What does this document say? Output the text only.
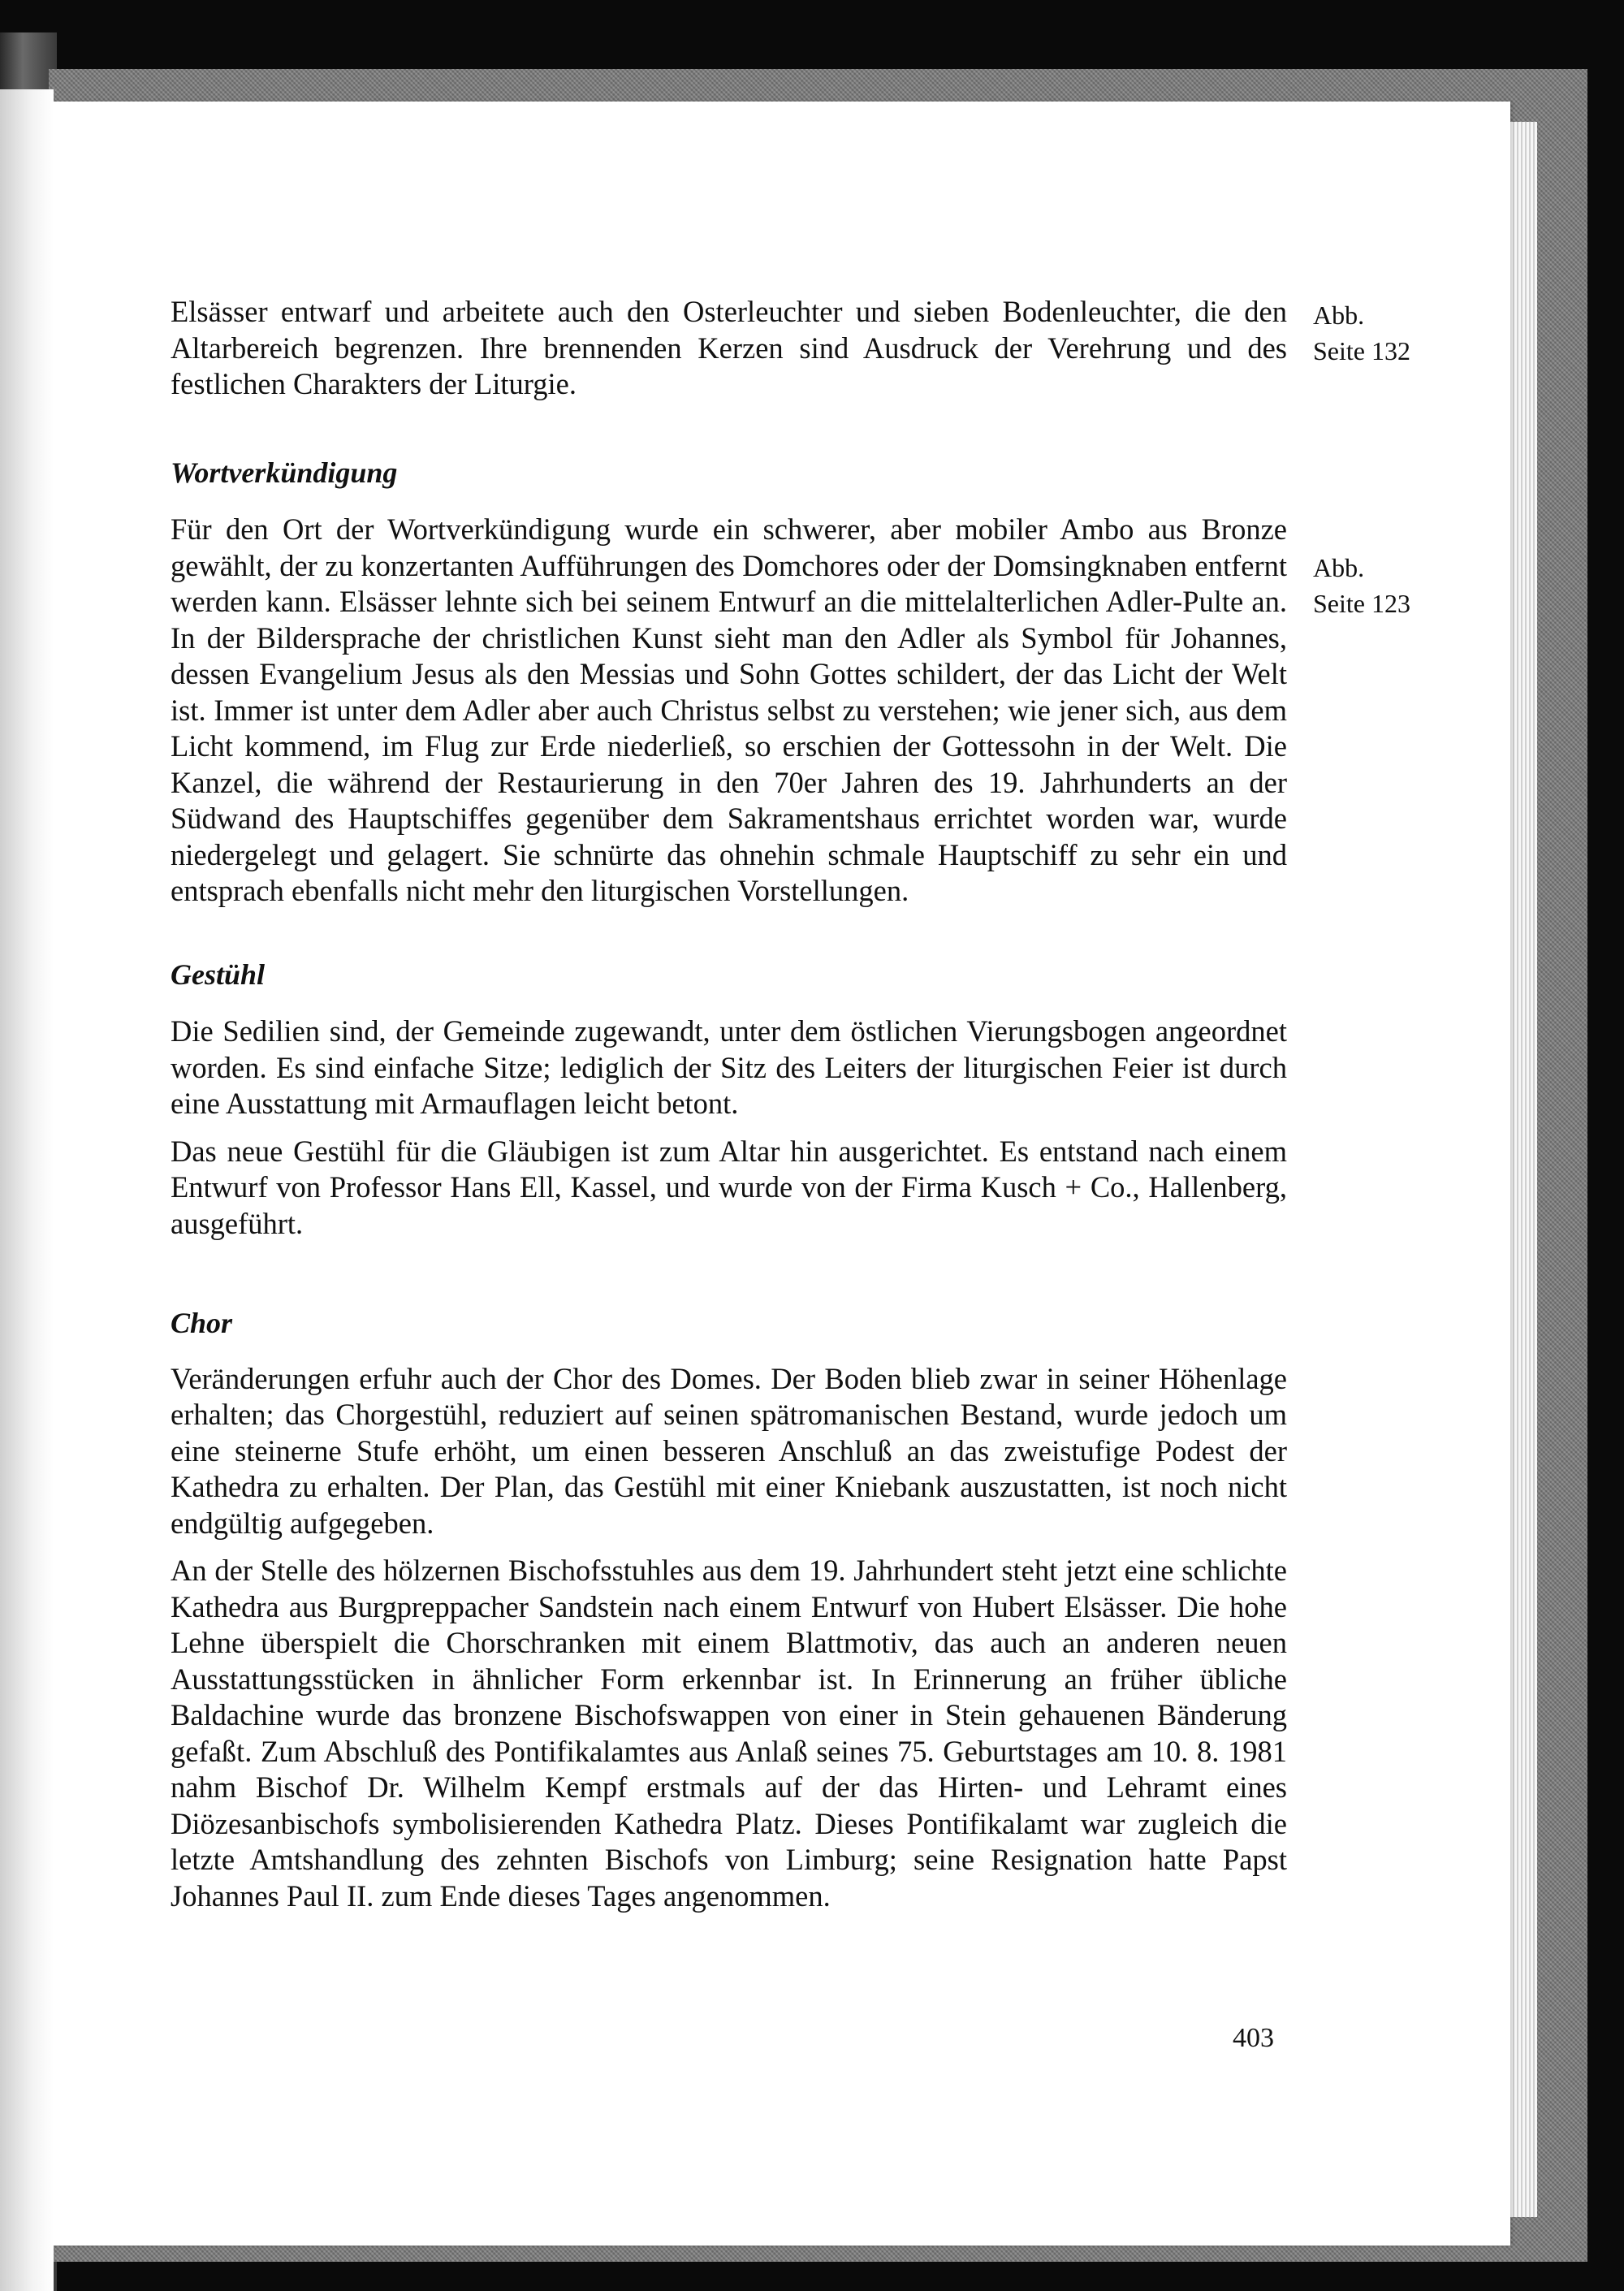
Abb.
Seite 132
Abb.
Seite 123

Elsässer entwarf und arbeitete auch den Osterleuchter und sieben Bodenleuchter, die den Altarbereich begrenzen. Ihre brennenden Kerzen sind Ausdruck der Verehrung und des festlichen Charakters der Liturgie.

Wortverkündigung

Für den Ort der Wortverkündigung wurde ein schwerer, aber mobiler Ambo aus Bronze gewählt, der zu konzertanten Aufführungen des Domchores oder der Domsingknaben entfernt werden kann. Elsässer lehnte sich bei seinem Entwurf an die mittelalterlichen Adler-Pulte an. In der Bildersprache der christlichen Kunst sieht man den Adler als Symbol für Johannes, dessen Evangelium Jesus als den Messias und Sohn Gottes schildert, der das Licht der Welt ist. Immer ist unter dem Adler aber auch Christus selbst zu verstehen; wie jener sich, aus dem Licht kommend, im Flug zur Erde niederließ, so erschien der Gottessohn in der Welt. Die Kanzel, die während der Restaurierung in den 70er Jahren des 19. Jahrhunderts an der Südwand des Hauptschiffes gegenüber dem Sakramentshaus errichtet worden war, wurde niedergelegt und gelagert. Sie schnürte das ohnehin schmale Hauptschiff zu sehr ein und entsprach ebenfalls nicht mehr den liturgischen Vorstellungen.

Gestühl

Die Sedilien sind, der Gemeinde zugewandt, unter dem östlichen Vierungsbogen angeordnet worden. Es sind einfache Sitze; lediglich der Sitz des Leiters der liturgischen Feier ist durch eine Ausstattung mit Armauflagen leicht betont.

Das neue Gestühl für die Gläubigen ist zum Altar hin ausgerichtet. Es entstand nach einem Entwurf von Professor Hans Ell, Kassel, und wurde von der Firma Kusch + Co., Hallenberg, ausgeführt.

Chor

Veränderungen erfuhr auch der Chor des Domes. Der Boden blieb zwar in seiner Höhenlage erhalten; das Chorgestühl, reduziert auf seinen spätromanischen Bestand, wurde jedoch um eine steinerne Stufe erhöht, um einen besseren Anschluß an das zweistufige Podest der Kathedra zu erhalten. Der Plan, das Gestühl mit einer Kniebank auszustatten, ist noch nicht endgültig aufgegeben.

An der Stelle des hölzernen Bischofsstuhles aus dem 19. Jahrhundert steht jetzt eine schlichte Kathedra aus Burgpreppacher Sandstein nach einem Entwurf von Hubert Elsässer. Die hohe Lehne überspielt die Chorschranken mit einem Blattmotiv, das auch an anderen neuen Ausstattungsstücken in ähnlicher Form erkennbar ist. In Erinnerung an früher übliche Baldachine wurde das bronzene Bischofswappen von einer in Stein gehauenen Bänderung gefaßt. Zum Abschluß des Pontifikalamtes aus Anlaß seines 75. Geburtstages am 10. 8. 1981 nahm Bischof Dr. Wilhelm Kempf erstmals auf der das Hirten- und Lehramt eines Diözesanbischofs symbolisierenden Kathedra Platz. Dieses Pontifikalamt war zugleich die letzte Amtshandlung des zehnten Bischofs von Limburg; seine Resignation hatte Papst Johannes Paul II. zum Ende dieses Tages angenommen.

403
